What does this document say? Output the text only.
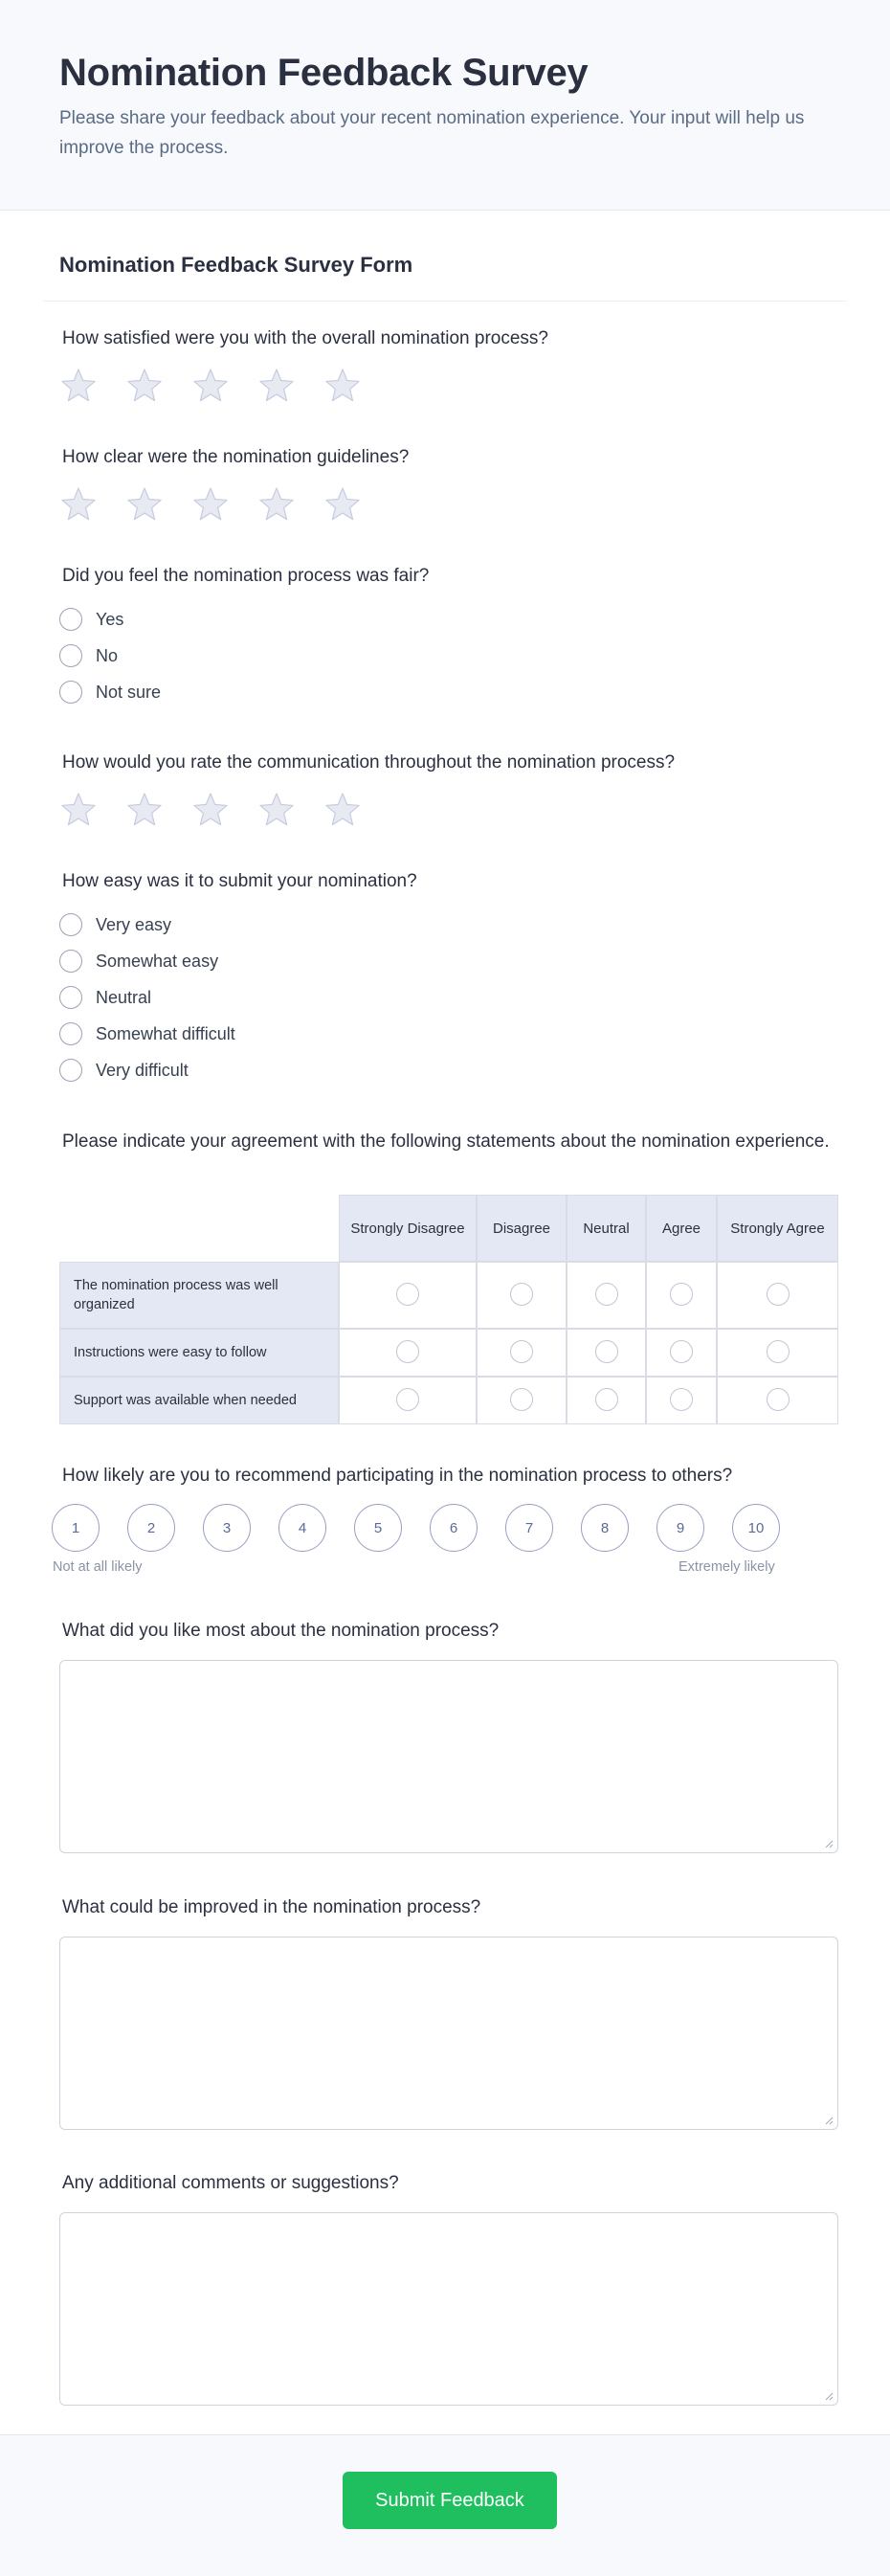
Nomination Feedback Survey

Please share your feedback about your recent nomination experience. Your input will help us improve the process.

Nomination Feedback Survey Form
How satisfied were you with the overall nomination process?
How clear were the nomination guidelines?
Did you feel the nomination process was fair?
Yes
No
Not sure
How would you rate the communication throughout the nomination process?
How easy was it to submit your nomination?
Very easy
Somewhat easy
Neutral
Somewhat difficult
Very difficult
Please indicate your agreement with the following statements about the nomination experience.
	Strongly Disagree	Disagree	Neutral	Agree	Strongly Agree
The nomination process was well organized					
Instructions were easy to follow					
Support was available when needed					
How likely are you to recommend participating in the nomination process to others?
1	2	3	4	5	6	7	8	9	10
Not at all likely	Extremely likely
What did you like most about the nomination process?
What could be improved in the nomination process?
Any additional comments or suggestions?
Submit Feedback
